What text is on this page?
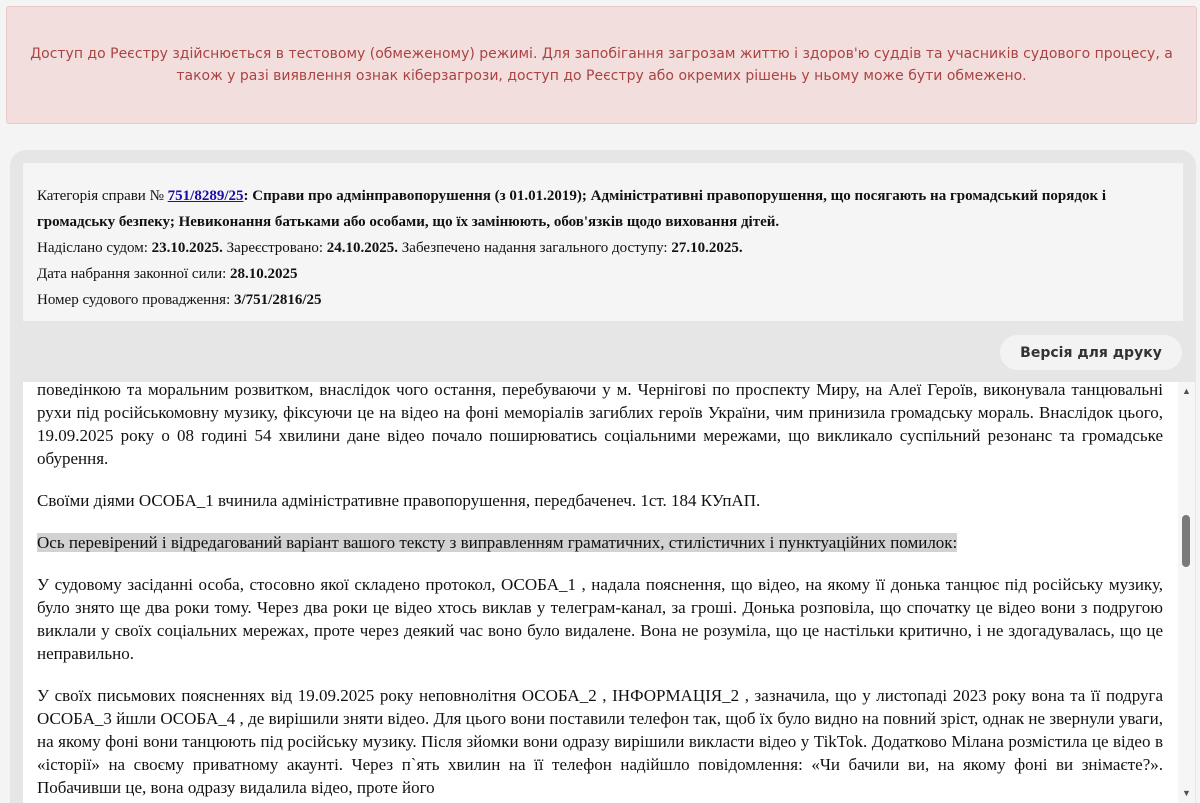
Доступ до Реєстру здійснюється в тестовому (обмеженому) режимі. Для запобігання загрозам життю і здоров'ю суддів та учасників судового процесу, а також у разі виявлення ознак кіберзагрози, доступ до Реєстру або окремих рішень у ньому може бути обмежено.
Категорія справи № 751/8289/25: Справи про адмінправопорушення (з 01.01.2019); Адміністративні правопорушення, що посягають на громадський порядок і громадську безпеку; Невиконання батьками або особами, що їх замінюють, обов'язків щодо виховання дітей.
Надіслано судом: 23.10.2025. Зареєстровано: 24.10.2025. Забезпечено надання загального доступу: 27.10.2025.
Дата набрання законної сили: 28.10.2025
Номер судового провадження: 3/751/2816/25
Версія для друку

поведінкою та моральним розвитком, внаслідок чого остання, перебуваючи у м. Чернігові по проспекту Миру, на Алеї Героїв, виконувала танцювальні рухи під російськомовну музику, фіксуючи це на відео на фоні меморіалів загиблих героїв України, чим принизила громадську мораль. Внаслідок цього, 19.09.2025 року о 08 годині 54 хвилини дане відео почало поширюватись соціальними мережами, що викликало суспільний резонанс та громадське обурення.

Своїми діями ОСОБА_1 вчинила адміністративне правопорушення, передбаченеч. 1ст. 184 КУпАП.

Ось перевірений і відредагований варіант вашого тексту з виправленням граматичних, стилістичних і пунктуаційних помилок:

У судовому засіданні особа, стосовно якої складено протокол, ОСОБА_1 , надала пояснення, що відео, на якому її донька танцює під російську музику, було знято ще два роки тому. Через два роки це відео хтось виклав у телеграм-канал, за гроші. Донька розповіла, що спочатку це відео вони з подругою виклали у своїх соціальних мережах, проте через деякий час воно було видалене. Вона не розуміла, що це настільки критично, і не здогадувалась, що це неправильно.

У своїх письмових поясненнях від 19.09.2025 року неповнолітня ОСОБА_2 , ІНФОРМАЦІЯ_2 , зазначила, що у листопаді 2023 року вона та її подруга ОСОБА_3 йшли ОСОБА_4 , де вирішили зняти відео. Для цього вони поставили телефон так, щоб їх було видно на повний зріст, однак не звернули уваги, на якому фоні вони танцюють під російську музику. Після зйомки вони одразу вирішили викласти відео у TikTok. Додатково Мілана розмістила це відео в «історії» на своєму приватному акаунті. Через п`ять хвилин на її телефон надійшло повідомлення: «Чи бачили ви, на якому фоні ви знімаєте?». Побачивши це, вона одразу видалила відео, проте його

▲
▼
